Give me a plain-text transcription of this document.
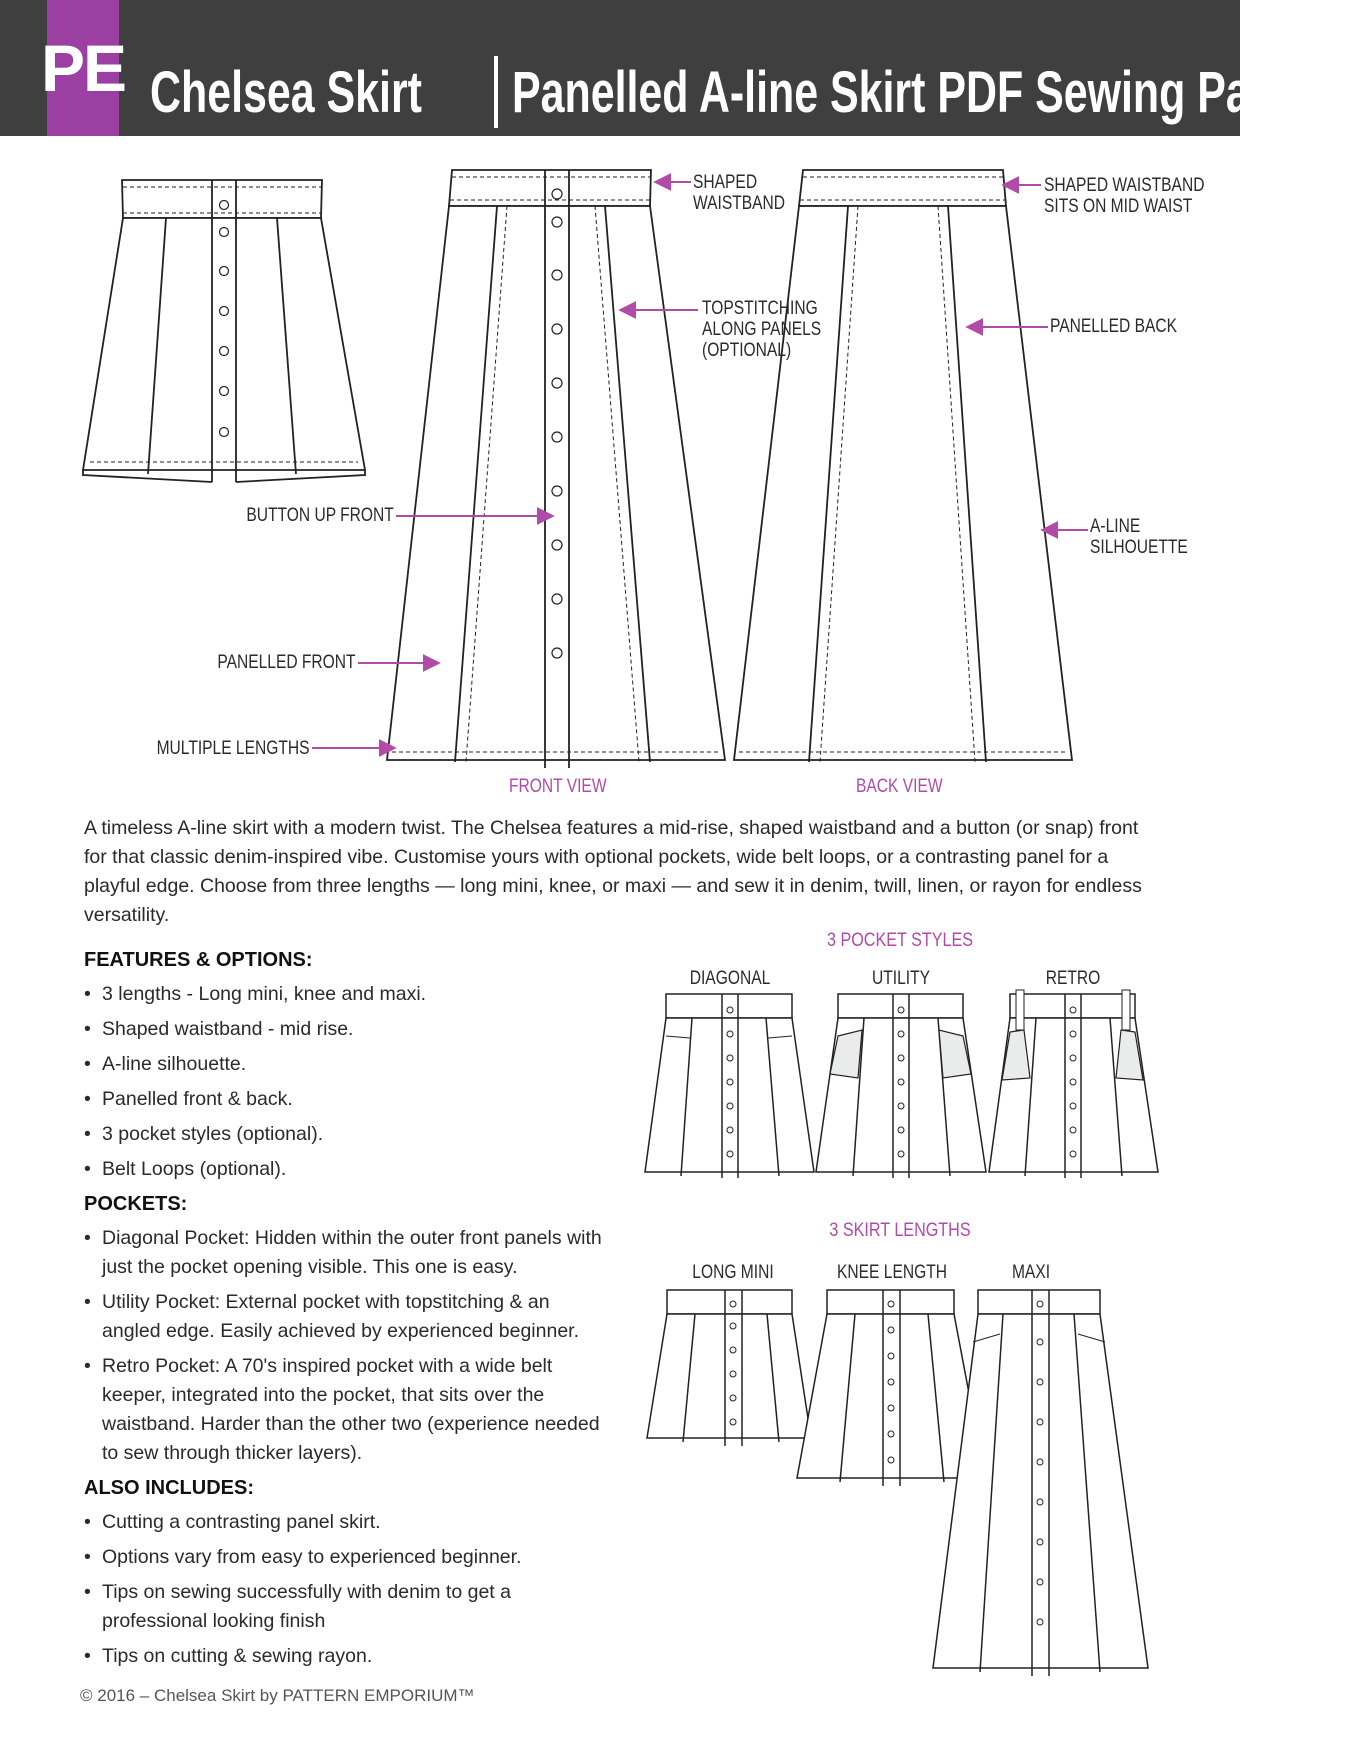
PE Chelsea Skirt Panelled A-line Skirt PDF Sewing Pattern
SHAPED
WAISTBAND
TOPSTITCHING
ALONG PANELS
(OPTIONAL)
BUTTON UP FRONT
PANELLED FRONT
MULTIPLE LENGTHS
SHAPED WAISTBAND
SITS ON MID WAIST
PANELLED BACK
A-LINE
SILHOUETTE
FRONT VIEW	BACK VIEW
A timeless A-line skirt with a modern twist. The Chelsea features a mid-rise, shaped waistband and a button (or snap) front for that classic denim-inspired vibe. Customise yours with optional pockets, wide belt loops, or a contrasting panel for a playful edge. Choose from three lengths — long mini, knee, or maxi — and sew it in denim, twill, linen, or rayon for endless versatility.
FEATURES & OPTIONS:
• 3 lengths - Long mini, knee and maxi.
• Shaped waistband - mid rise.
• A-line silhouette.
• Panelled front & back.
• 3 pocket styles (optional).
• Belt Loops (optional).
POCKETS:
• Diagonal Pocket: Hidden within the outer front panels with just the pocket opening visible. This one is easy.
• Utility Pocket: External pocket with topstitching & an angled edge. Easily achieved by experienced beginner.
• Retro Pocket: A 70's inspired pocket with a wide belt keeper, integrated into the pocket, that sits over the waistband. Harder than the other two (experience needed to sew through thicker layers).
ALSO INCLUDES:
• Cutting a contrasting panel skirt.
• Options vary from easy to experienced beginner.
• Tips on sewing successfully with denim to get a professional looking finish
• Tips on cutting & sewing rayon.
3 POCKET STYLES
DIAGONAL	UTILITY	RETRO
3 SKIRT LENGTHS
LONG MINI	KNEE LENGTH	MAXI
© 2016 – Chelsea Skirt by PATTERN EMPORIUM™
